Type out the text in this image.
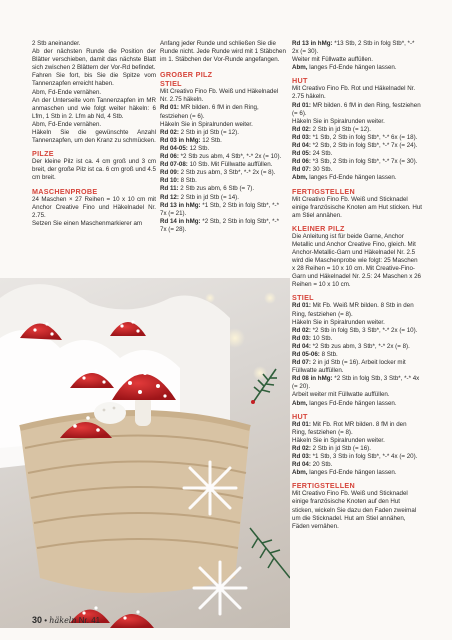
2 Stb aneinander.

Ab der nächsten Runde die Position der Blätter verschieben, damit das nächste Blatt sich zwischen 2 Blättern der Vor-Rd befindet.

Fahren Sie fort, bis Sie die Spitze vom Tannenzapfen erreicht haben.

Abm, Fd-Ende vernähen.

An der Unterseite vom Tannenzapfen im MR anmaschen und wie folgt weiter häkeln: 6 Lfm, 1 Stb in 2. Lfm ab Nd, 4 Stb.

Abm, Fd-Ende vernähen.

Häkeln Sie die gewünschte Anzahl Tannenzapfen, um den Kranz zu schmücken.

PILZE

Der kleine Pilz ist ca. 4 cm groß und 3 cm breit, der große Pilz ist ca. 6 cm groß und 4.5 cm breit.

MASCHENPROBE

24 Maschen × 27 Reihen = 10 x 10 cm mit Anchor Creative Fino und Häkelnadel Nr. 2.75.

Setzen Sie einen Maschenmarkierer am

Anfang jeder Runde und schließen Sie die Runde nicht. Jede Runde wird mit 1 Stäbchen im 1. Stäbchen der Vor-Runde angefangen.

GROẞER PILZ
STIEL

Mit Creativo Fino Fb. Weiß und Häkelnadel Nr. 2.75 häkeln.

Rd 01: MR bilden. 6 fM in den Ring, festziehen (= 6).

Häkeln Sie in Spiralrunden weiter.

Rd 02: 2 Stb in jd Stb (= 12).

Rd 03 in hMg: 12 Stb.

Rd 04-05: 12 Stb.

Rd 06: *2 Stb zus abm, 4 Stb*, *-* 2x (= 10).

Rd 07-08: 10 Stb. Mit Füllwatte auffüllen.

Rd 09: 2 Stb zus abm, 3 Stb*, *-* 2x (= 8).

Rd 10: 8 Stb.

Rd 11: 2 Stb zus abm, 6 Stb (= 7).

Rd 12: 2 Stb in jd Stb (= 14).

Rd 13 in hMg: *1 Stb, 2 Stb in folg Stb*, *-* 7x (= 21).

Rd 14 in hMg: *2 Stb, 2 Stb in folg Stb*, *-* 7x (= 28).

Rd 13 in hMg: *13 Stb, 2 Stb in folg Stb*, *-* 2x (= 30).

Weiter mit Füllwatte auffüllen.

Abm, langes Fd-Ende hängen lassen.

HUT

Mit Creativo Fino Fb. Rot und Häkelnadel Nr. 2.75 häkeln.

Rd 01: MR bilden. 6 fM in den Ring, festziehen (= 6).

Häkeln Sie in Spiralrunden weiter.

Rd 02: 2 Stb in jd Stb (= 12).

Rd 03: *1 Stb, 2 Stb in folg Stb*, *-* 6x (= 18).

Rd 04: *2 Stb, 2 Stb in folg Stb*, *-* 7x (= 24).

Rd 05: 24 Stb.

Rd 06: *3 Stb, 2 Stb in folg Stb*, *-* 7x (= 30).

Rd 07: 30 Stb.

Abm, langes Fd-Ende hängen lassen.

FERTIGSTELLEN

Mit Creativo Fino Fb. Weiß und Sticknadel einige französische Knoten am Hut sticken. Hut am Stiel annähen.

KLEINER PILZ

Die Anleitung ist für beide Garne, Anchor Metallic und Anchor Creative Fino, gleich. Mit Anchor-Metallic-Garn und Häkelnadel Nr. 2.5 wird die Maschenprobe wie folgt: 25 Maschen x 28 Reihen = 10 x 10 cm. Mit Creative-Fino-Garn und Häkelnadel Nr. 2.5: 24 Maschen x 26 Reihen = 10 x 10 cm.

STIEL

Rd 01: Mit Fb. Weiß MR bilden. 8 Stb in den Ring, festziehen (= 8).

Häkeln Sie in Spiralrunden weiter.

Rd 02: *2 Stb in folg Stb, 3 Stb*, *-* 2x (= 10).

Rd 03: 10 Stb.

Rd 04: *2 Stb zus abm, 3 Stb*, *-* 2x (= 8).

Rd 05-06: 8 Stb.

Rd 07: 2 in jd Stb (= 16). Arbeit locker mit Füllwatte auffüllen.

Rd 08 in hMg: *2 Stb in folg Stb, 3 Stb*, *-* 4x (= 20).

Arbeit weiter mit Füllwatte auffüllen.

Abm, langes Fd-Ende hängen lassen.

HUT

Rd 01: Mit Fb. Rot MR bilden. 8 fM in den Ring, festziehen (= 8).

Häkeln Sie in Spiralrunden weiter.

Rd 02: 2 Stb in jd Stb (= 16).

Rd 03: *1 Stb, 3 Stb in folg Stb*, *-* 4x (= 20).

Rd 04: 20 Stb.

Abm, langes Fd-Ende hängen lassen.

FERTIGSTELLEN

Mit Creativo Fino Fb. Weiß und Sticknadel einige französische Knoten auf den Hut sticken, wickeln Sie dazu den Faden zweimal um die Sticknadel. Hut am Stiel annähen, Fäden vernähen.

30 • häkeln Nr. 41
